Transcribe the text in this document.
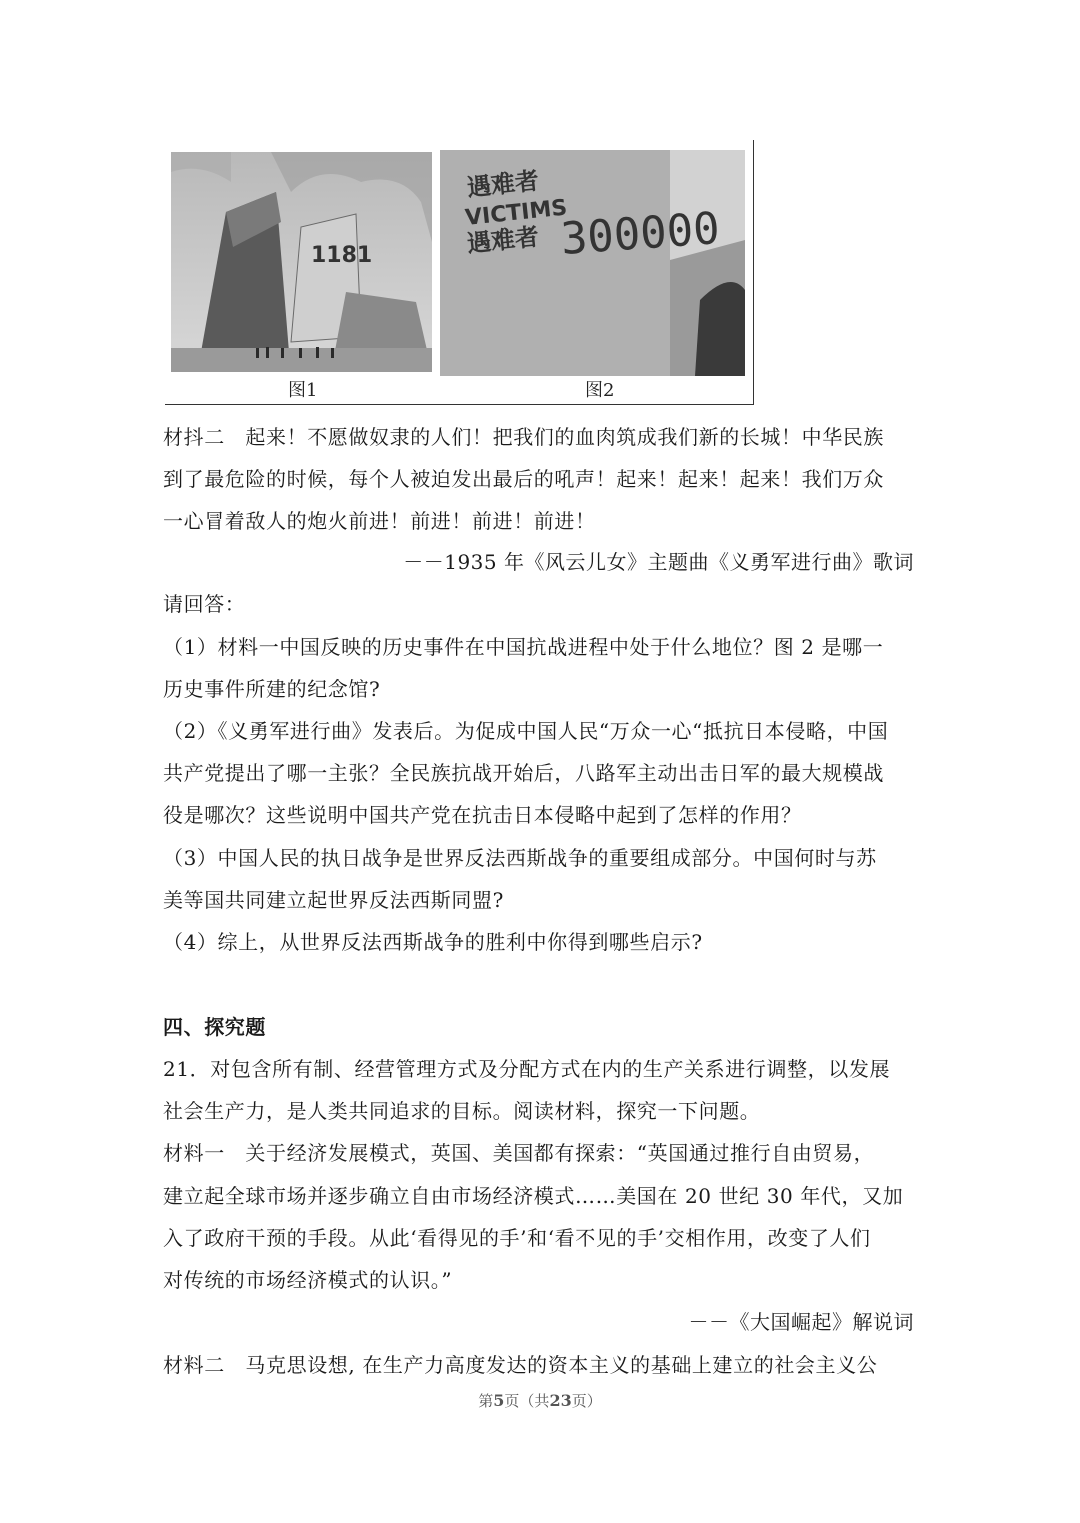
1181
遇难者
VICTIMS
遇难者 300000
图1	图2
材抖二　起来！不愿做奴隶的人们！把我们的血肉筑成我们新的长城！中华民族
到了最危险的时候，每个人被迫发出最后的吼声！起来！起来！起来！我们万众
一心冒着敌人的炮火前进！前进！前进！前进！
－－1935 年《风云儿女》主题曲《义勇军进行曲》歌词
请回答：
（1）材料一中国反映的历史事件在中国抗战进程中处于什么地位？图 2 是哪一
历史事件所建的纪念馆?
（2）《义勇军进行曲》发表后。为促成中国人民“万众一心“抵抗日本侵略，中国
共产党提出了哪一主张？全民族抗战开始后，八路军主动出击日军的最大规模战
役是哪次？这些说明中国共产党在抗击日本侵略中起到了怎样的作用？
（3）中国人民的执日战争是世界反法西斯战争的重要组成部分。中国何时与苏
美等国共同建立起世界反法西斯同盟?
（4）综上，从世界反法西斯战争的胜利中你得到哪些启示?
四、探究题
21．对包含所有制、经营管理方式及分配方式在内的生产关系进行调整，以发展
社会生产力，是人类共同追求的目标。阅读材料，探究一下问题。
材料一　关于经济发展模式，英国、美国都有探索：“英国通过推行自由贸易，
建立起全球市场并逐步确立自由市场经济模式……美国在 20 世纪 30 年代，又加
入了政府干预的手段。从此‘看得见的手’和‘看不见的手’交相作用，改变了人们
对传统的市场经济模式的认识。”
－－《大国崛起》解说词
材料二　马克思设想, 在生产力高度发达的资本主义的基础上建立的社会主义公
第5页（共23页）
